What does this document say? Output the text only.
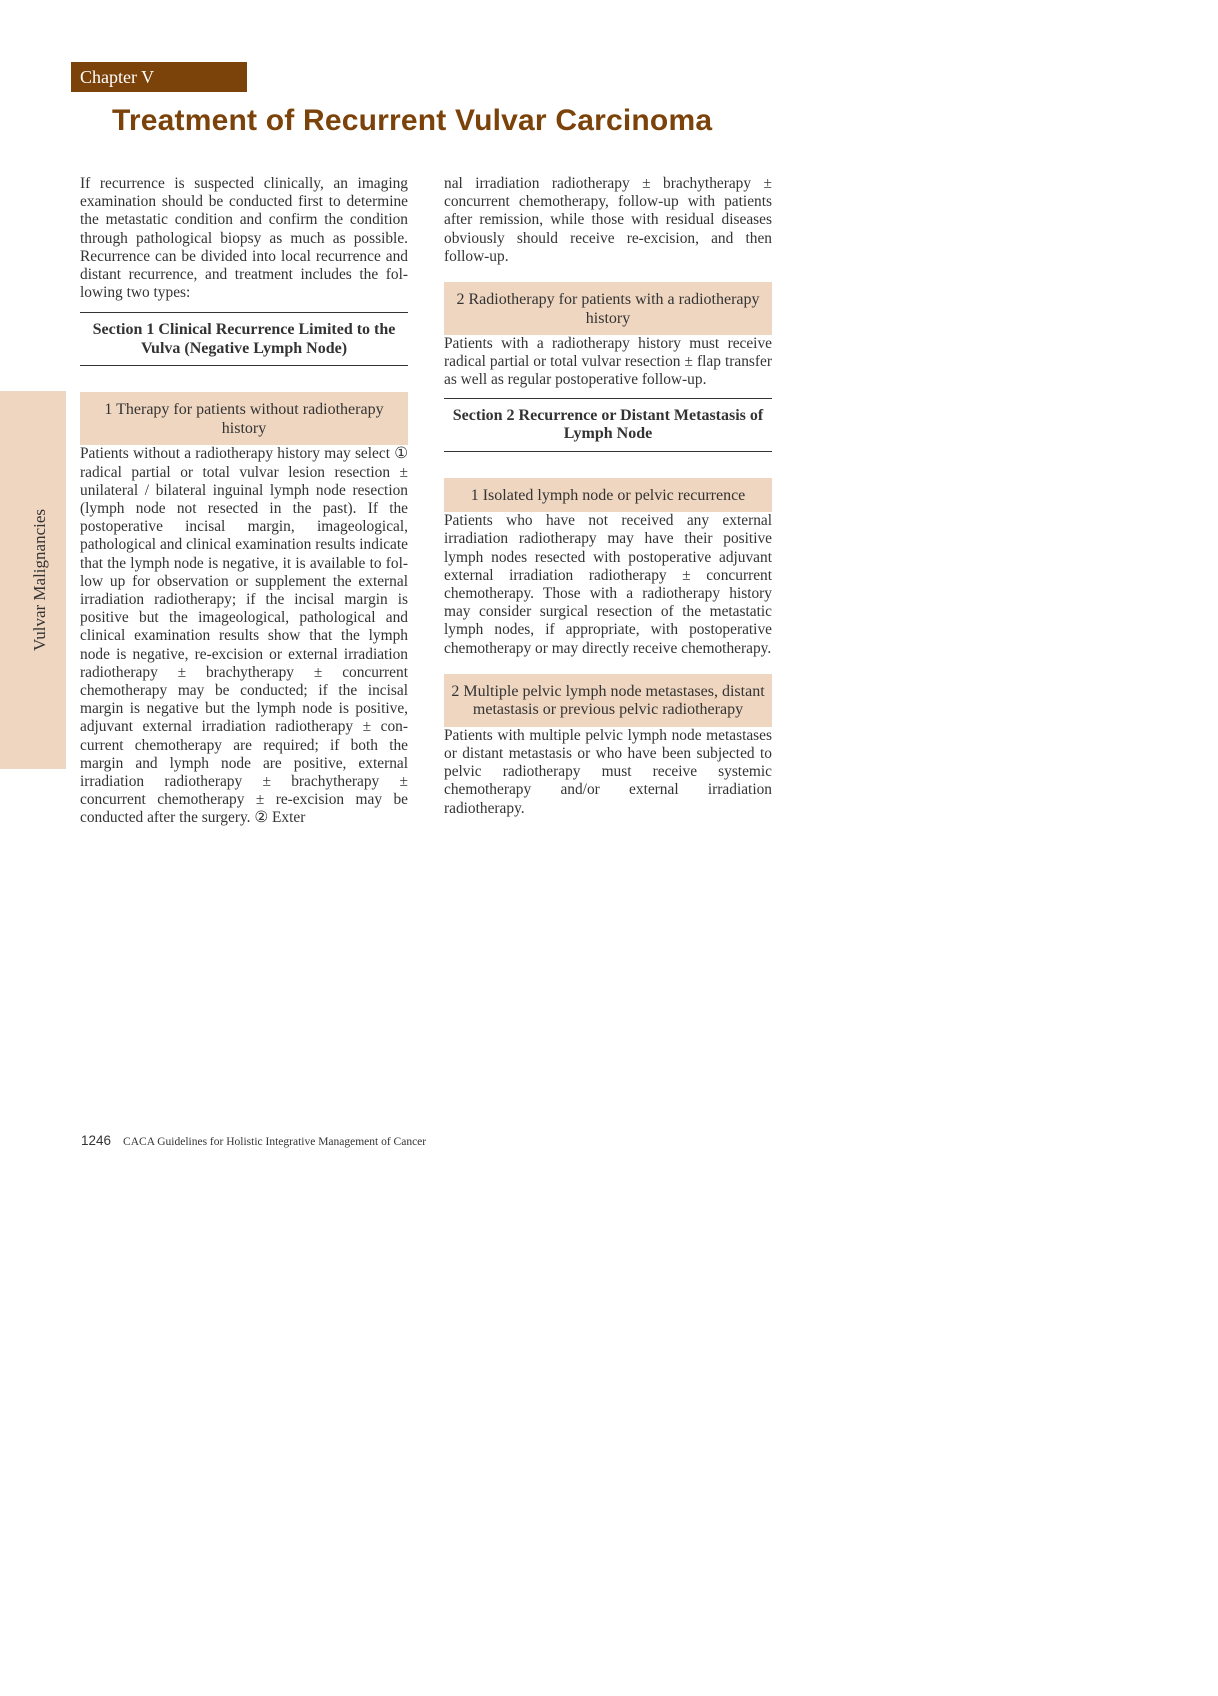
Chapter V
Treatment of Recurrent Vulvar Carcinoma
Vulvar Malignancies

If recurrence is suspected clinically, an imaging examination should be conducted first to determine the metastatic condition and confirm the condition through pathological biopsy as much as possible. Recurrence can be divided into local recurrence and distant recurrence, and treatment includes the following two types:

Section 1 Clinical Recurrence Limited to the Vulva (Negative Lymph Node)
1 Therapy for patients without radiotherapy history

Patients without a radiotherapy history may select ① radical partial or total vulvar lesion resection ± unilateral / bilateral inguinal lymph node resection (lymph node not resected in the past). If the postoperative incisal margin, imageological, pathological and clinical examination results indicate that the lymph node is negative, it is available to follow up for observation or supplement the external irradiation radiotherapy; if the incisal margin is positive but the imageological, pathological and clinical examination results show that the lymph node is negative, re-excision or external irradiation radiotherapy ± brachytherapy ± concurrent chemotherapy may be conducted; if the incisal margin is negative but the lymph node is positive, adjuvant external irradiation radiotherapy ± concurrent chemotherapy are required; if both the margin and lymph node are positive, external irradiation radiotherapy ± brachytherapy ± concurrent chemotherapy ± re-excision may be conducted after the surgery. ② Exter

nal irradiation radiotherapy ± brachytherapy ± concurrent chemotherapy, follow-up with patients after remission, while those with residual diseases obviously should receive re-excision, and then follow-up.

2 Radiotherapy for patients with a radiotherapy history

Patients with a radiotherapy history must receive radical partial or total vulvar resection ± flap transfer as well as regular postoperative follow-up.

Section 2 Recurrence or Distant Metastasis of Lymph Node
1 Isolated lymph node or pelvic recurrence

Patients who have not received any external irradiation radiotherapy may have their positive lymph nodes resected with postoperative adjuvant external irradiation radiotherapy ± concurrent chemotherapy. Those with a radiotherapy history may consider surgical resection of the metastatic lymph nodes, if appropriate, with postoperative chemotherapy or may directly receive chemotherapy.

2 Multiple pelvic lymph node metastases, distant metastasis or previous pelvic radiotherapy

Patients with multiple pelvic lymph node metastases or distant metastasis or who have been subjected to pelvic radiotherapy must receive systemic chemotherapy and/or external irradiation radiotherapy.

1246 CACA Guidelines for Holistic Integrative Management of Cancer
